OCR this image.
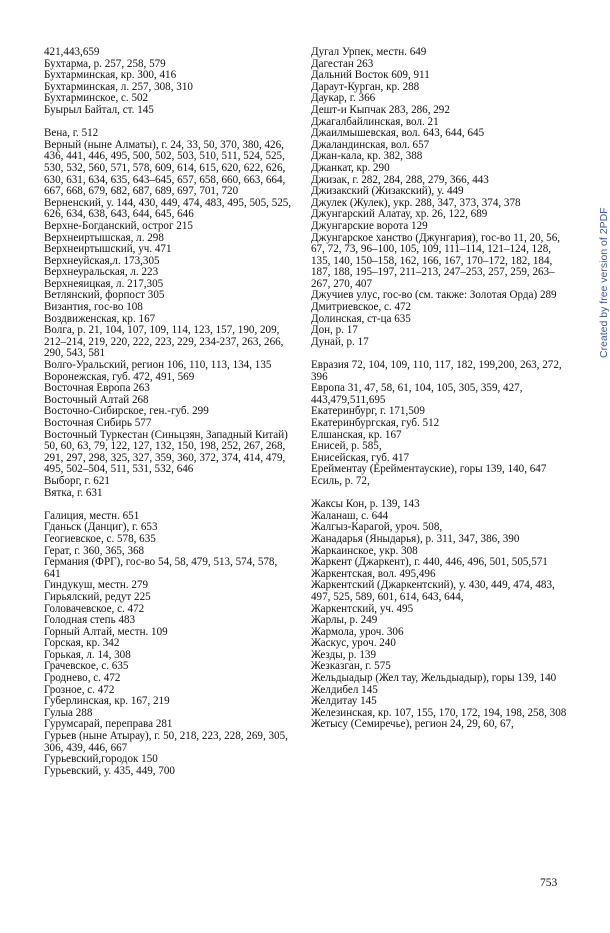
421,443,659
Бухтарма, р. 257, 258, 579
Бухтарминская, кр. 300, 416
Бухтарминская, л. 257, 308, 310
Бухтарминское, с. 502
Буырыл Байтал, ст. 145
Вена, г. 512
Верный (ныне Алматы), г. 24, 33, 50, 370, 380, 426, 436, 441, 446, 495, 500, 502, 503, 510, 511, 524, 525, 530, 532, 560, 571, 578, 609, 614, 615, 620, 622, 626, 630, 631, 634, 635, 643–645, 657, 658, 660, 663, 664, 667, 668, 679, 682, 687, 689, 697, 701, 720
Верненский, у. 144, 430, 449, 474, 483, 495, 505, 525, 626, 634, 638, 643, 644, 645, 646
Верхне-Богданский, острог 215
Верхнеиртышская, л. 298
Верхнеиртышский, уч. 471
Верхнеуйская,л. 173,305
Верхнеуральская, л. 223
Верхнеяицкая, л. 217,305
Ветлянский, форпост 305
Византия, гос-во 108
Воздвиженская, кр. 167
Волга, р. 21, 104, 107, 109, 114, 123, 157, 190, 209, 212–214, 219, 220, 222, 223, 229, 234-237, 263, 266, 290, 543, 581
Волго-Уральский, регион 106, 110, 113, 134, 135
Воронежская, губ. 472, 491, 569
Восточная Европа 263
Восточный Алтай 268
Восточно-Сибирское, ген.-губ. 299
Восточная Сибирь 577
Восточный Туркестан (Синьцзян, Западный Китай) 50, 60, 63, 79, 122, 127, 132, 150, 198, 252, 267, 268, 291, 297, 298, 325, 327, 359, 360, 372, 374, 414, 479, 495, 502–504, 511, 531, 532, 646
Выборг, г. 621
Вятка, г. 631
Галиция, местн. 651
Гданьск (Данциг), г. 653
Геогиевское, с. 578, 635
Герат, г. 360, 365, 368
Германия (ФРГ), гос-во 54, 58, 479, 513, 574, 578, 641
Гиндукуш, местн. 279
Гирьялский, редут 225
Головачевское, с. 472
Голодная степь 483
Горный Алтай, местн. 109
Горская, кр. 342
Горькая, л. 14, 308
Грачевское, с. 635
Гроднево, с. 472
Грозное, с. 472
Губерлинская, кр. 167, 219
Гулыа 288
Гурумсарай, переправа 281
Гурьев (ныне Атырау), г. 50, 218, 223, 228, 269, 305, 306, 439, 446, 667
Гурьевский,городок 150
Гурьевский, у. 435, 449, 700
Дугал Урпек, местн. 649
Дагестан 263
Дальний Восток 609, 911
Дараут-Курган, кр. 288
Даукар, г. 366
Дешт-и Кыпчак 283, 286, 292
Джагалбайлинская, вол. 21
Джаилмышевская, вол. 643, 644, 645
Джаландинская, вол. 657
Джан-кала, кр. 382, 388
Джанкат, кр. 290
Джизак, г. 282, 284, 288, 279, 366, 443
Джизакский (Жизакский), у. 449
Джулек (Жулек), укр. 288, 347, 373, 374, 378
Джунгарский Алатау, хр. 26, 122, 689
Джунгарские ворота 129
Джунгарское ханство (Джунгария), гос-во 11, 20, 56, 67, 72, 73, 96–100, 105, 109, 111–114, 121–124, 128, 135, 140, 150–158, 162, 166, 167, 170–172, 182, 184, 187, 188, 195–197, 211–213, 247–253, 257, 259, 263–267, 270, 407
Джучиев улус, гос-во (см. также: Золотая Орда) 289
Дмитриевское, с. 472
Долинская, ст-ца 635
Дон, р. 17
Дунай, р. 17
Евразия 72, 104, 109, 110, 117, 182, 199,200, 263, 272, 396
Европа 31, 47, 58, 61, 104, 105, 305, 359, 427, 443,479,511,695
Екатеринбург, г. 171,509
Екатеринбургская, губ. 512
Елшанская, кр. 167
Енисей, р. 585,
Енисейская, губ. 417
Ерейментау (Ерейментауские), горы 139, 140, 647
Есиль, р. 72,
Жаксы Кон, р. 139, 143
Жаланаш, с. 644
Жалгыз-Карагой, уроч. 508,
Жанадарья (Яныдарья), р. 311, 347, 386, 390
Жаркаинское, укр. 308
Жаркент (Джаркент), г. 440, 446, 496, 501, 505,571
Жаркентская, вол. 495,496
Жаркентский (Джаркентский), у. 430, 449, 474, 483, 497, 525, 589, 601, 614, 643, 644,
Жаркентский, уч. 495
Жарлы, р. 249
Жармола, уроч. 306
Жаскус, уроч. 240
Жезды, р. 139
Жезказган, г. 575
Жельдыадыр (Жел тау, Жельдыадыр), горы 139, 140
Желдибел 145
Желдитау 145
Железинская, кр. 107, 155, 170, 172, 194, 198, 258, 308
Жетысу (Семиречье), регион 24, 29, 60, 67,
753
Created by free version of 2PDF
